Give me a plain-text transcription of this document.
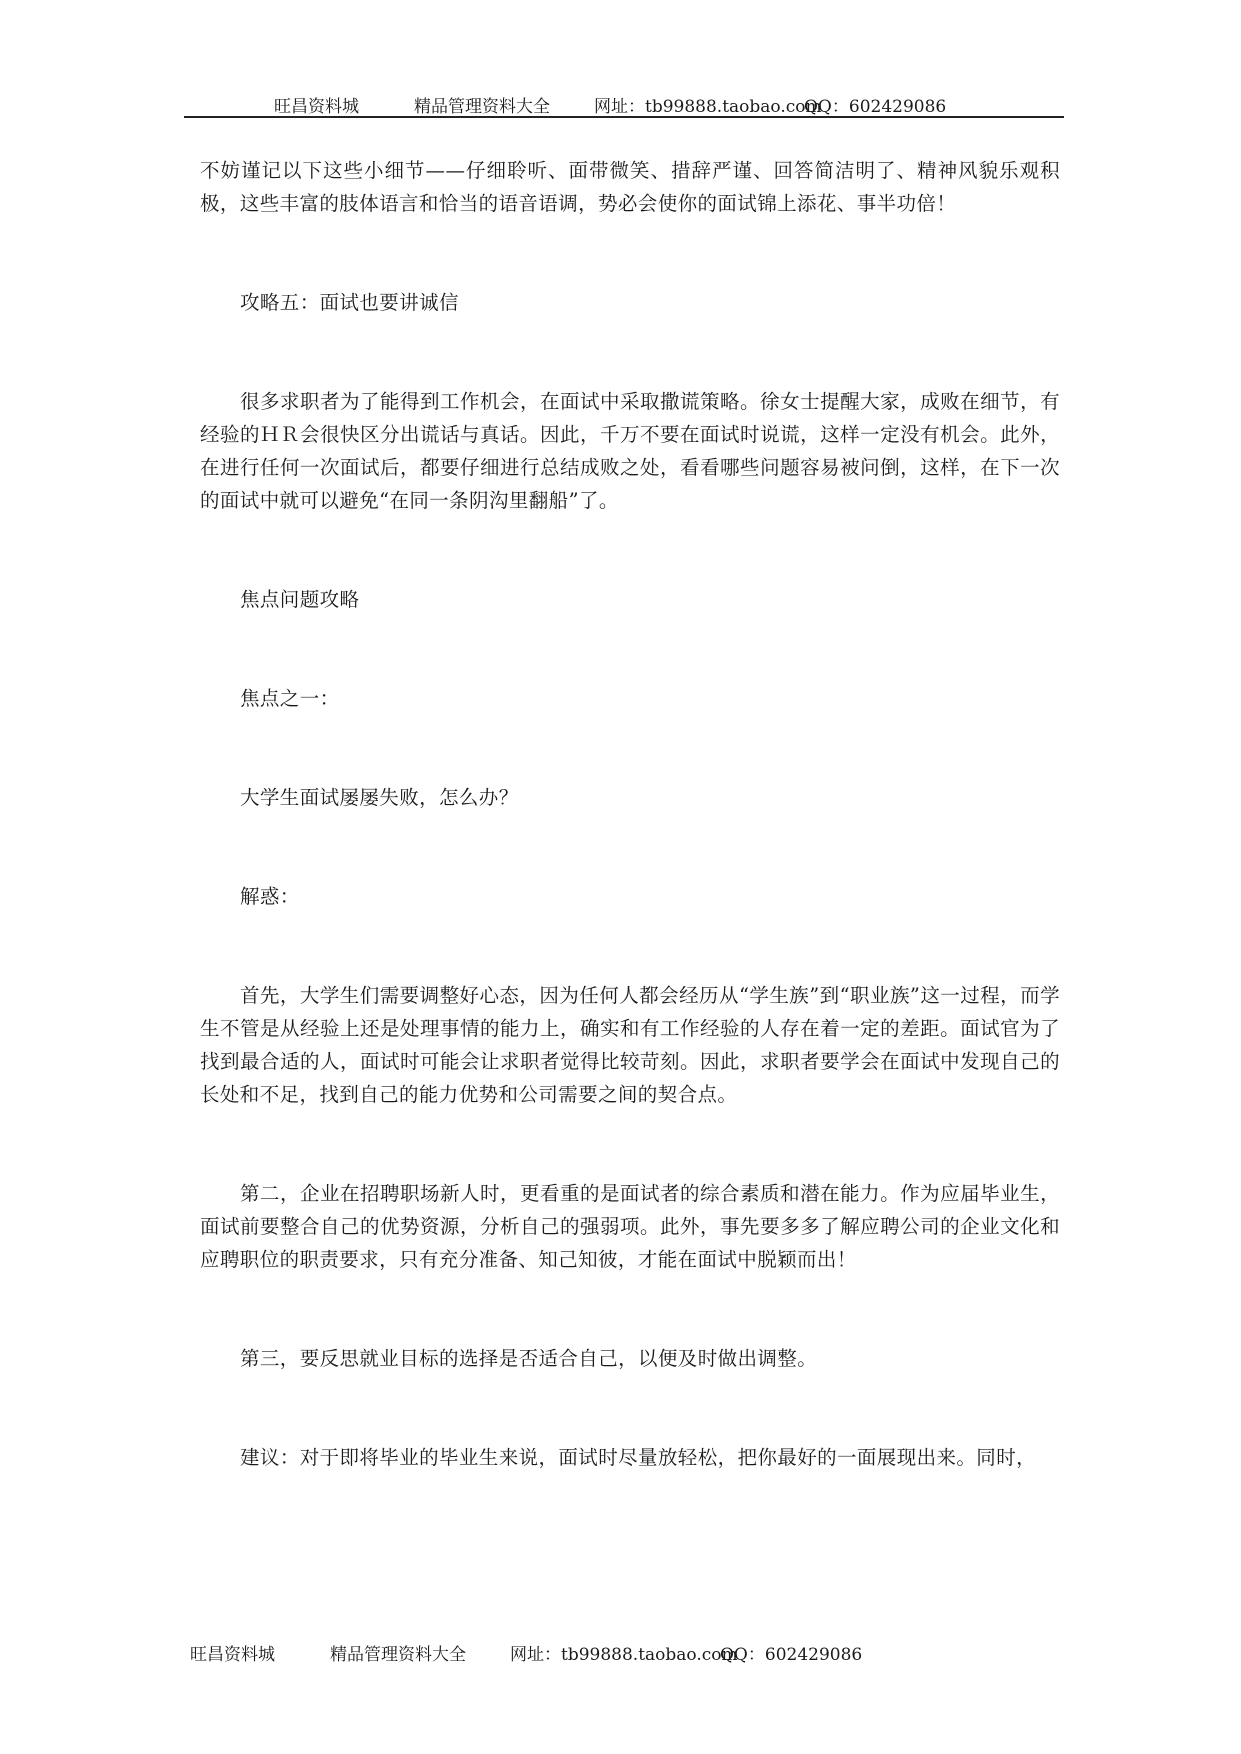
旺昌资料城	精品管理资料大全	网址：tb99888.taobao.com
QQ：602429086

不妨谨记以下这些小细节——仔细聆听、面带微笑、措辞严谨、回答简洁明了、精神风貌乐观积极，这些丰富的肢体语言和恰当的语音语调，势必会使你的面试锦上添花、事半功倍！

攻略五：面试也要讲诚信

很多求职者为了能得到工作机会，在面试中采取撒谎策略。徐女士提醒大家，成败在细节，有经验的ＨＲ会很快区分出谎话与真话。因此，千万不要在面试时说谎，这样一定没有机会。此外，在进行任何一次面试后，都要仔细进行总结成败之处，看看哪些问题容易被问倒，这样，在下一次的面试中就可以避免“在同一条阴沟里翻船”了。

焦点问题攻略

焦点之一：

大学生面试屡屡失败，怎么办？

解惑：

首先，大学生们需要调整好心态，因为任何人都会经历从“学生族”到“职业族”这一过程，而学生不管是从经验上还是处理事情的能力上，确实和有工作经验的人存在着一定的差距。面试官为了找到最合适的人，面试时可能会让求职者觉得比较苛刻。因此，求职者要学会在面试中发现自己的长处和不足，找到自己的能力优势和公司需要之间的契合点。

第二，企业在招聘职场新人时，更看重的是面试者的综合素质和潜在能力。作为应届毕业生，面试前要整合自己的优势资源，分析自己的强弱项。此外，事先要多多了解应聘公司的企业文化和应聘职位的职责要求，只有充分准备、知己知彼，才能在面试中脱颖而出！

第三，要反思就业目标的选择是否适合自己，以便及时做出调整。

建议：对于即将毕业的毕业生来说，面试时尽量放轻松，把你最好的一面展现出来。同时，

旺昌资料城	精品管理资料大全	网址：tb99888.taobao.com
QQ：602429086
